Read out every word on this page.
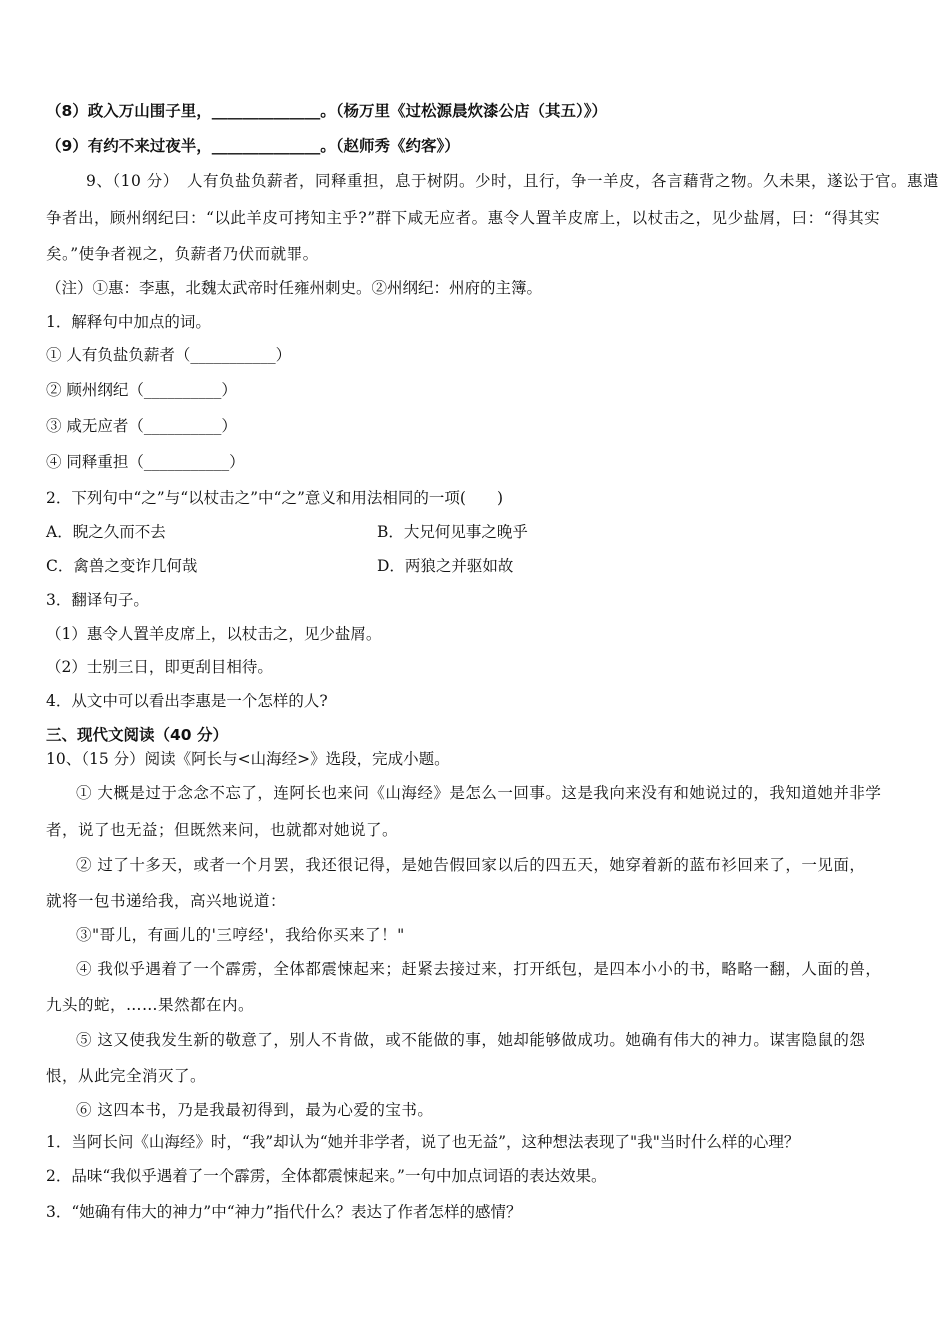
（8）政入万山围子里，______________。（杨万里《过松源晨炊漆公店（其五）》）
（9）有约不来过夜半，______________。（赵师秀《约客》）
9、（10 分）　人有负盐负薪者，同释重担，息于树阴。少时，且行，争一羊皮，各言藉背之物。久未果，遂讼于官。惠遣
争者出，顾州纲纪曰：“以此羊皮可拷知主乎?”群下咸无应者。惠令人置羊皮席上，以杖击之，见少盐屑，曰：“得其实
矣。”使争者视之，负薪者乃伏而就罪。
（注）①惠：李惠，北魏太武帝时任雍州刺史。②州纲纪：州府的主簿。
1．解释句中加点的词。
① 人有负盐负薪者（___________）
② 顾州纲纪（__________）
③ 咸无应者（__________）
④ 同释重担（___________）
2．下列句中“之”与“以杖击之”中“之”意义和用法相同的一项(　　)
A．睨之久而不去	B．大兄何见事之晚乎
C．禽兽之变诈几何哉	D．两狼之并驱如故
3．翻译句子。
（1）惠令人置羊皮席上，以杖击之，见少盐屑。
（2）士别三日，即更刮目相待。
4．从文中可以看出李惠是一个怎样的人?
三、现代文阅读（40 分）
10、（15 分）阅读《阿长与<山海经>》选段，完成小题。
① 大概是过于念念不忘了，连阿长也来问《山海经》是怎么一回事。这是我向来没有和她说过的，我知道她并非学
者，说了也无益；但既然来问，也就都对她说了。
② 过了十多天，或者一个月罢，我还很记得，是她告假回家以后的四五天，她穿着新的蓝布衫回来了，一见面，
就将一包书递给我，高兴地说道：
③"哥儿，有画儿的'三哼经'，我给你买来了！"
④ 我似乎遇着了一个霹雳，全体都震悚起来；赶紧去接过来，打开纸包，是四本小小的书，略略一翻，人面的兽，
九头的蛇，……果然都在内。
⑤ 这又使我发生新的敬意了，别人不肯做，或不能做的事，她却能够做成功。她确有伟大的神力。谋害隐鼠的怨
恨，从此完全消灭了。
⑥ 这四本书，乃是我最初得到，最为心爱的宝书。
1．当阿长问《山海经》时，“我”却认为“她并非学者，说了也无益”，这种想法表现了"我"当时什么样的心理？
2．品味“我似乎遇着了一个霹雳，全体都震悚起来。”一句中加点词语的表达效果。
3．“她确有伟大的神力”中“神力”指代什么？表达了作者怎样的感情？
